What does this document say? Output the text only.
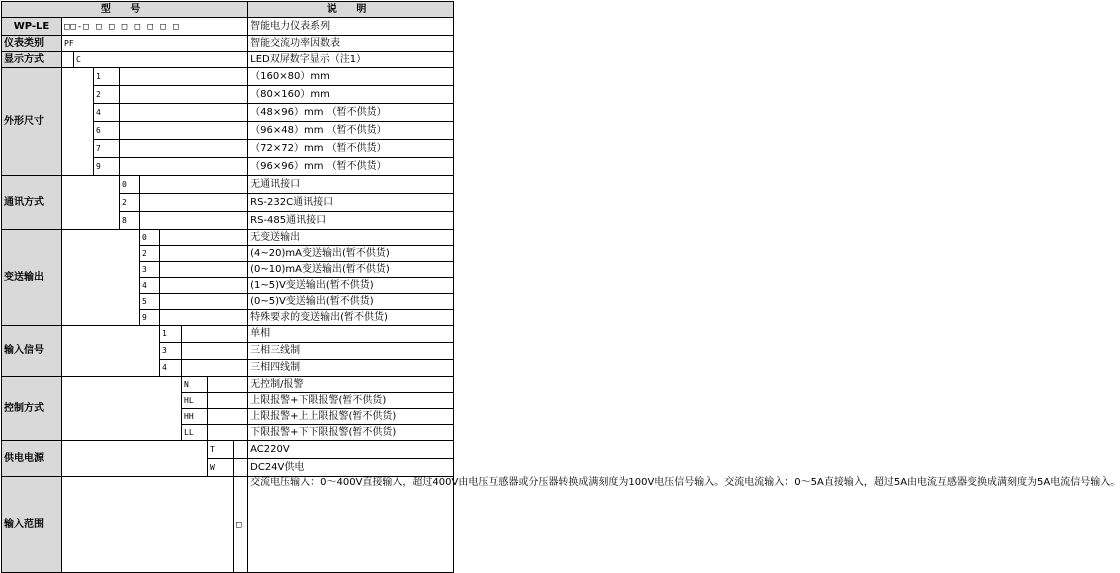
型 号										说 明
WP-LE	□□-□ □ □ □ □ □ □ □									智能电力仪表系列
仪表类别	PF									智能交流功率因数表
显示方式		C								LED双屏数字显示（注1）
外形尺寸			1							（160×80）mm
			2							（80×160）mm
			4							（48×96）mm （暂不供货）
			6							（96×48）mm （暂不供货）
			7							（72×72）mm （暂不供货）
			9							（96×96）mm （暂不供货）
通讯方式				0						无通讯接口
				2						RS-232C通讯接口
				8						RS-485通讯接口
变送输出					0					无变送输出
					2					(4~20)mA变送输出(暂不供货)
					3					(0~10)mA变送输出(暂不供货)
					4					(1~5)V变送输出(暂不供货)
					5					(0~5)V变送输出(暂不供货)
					9					特殊要求的变送输出(暂不供货)
输入信号						1				单相
						3				三相三线制
						4				三相四线制
控制方式							N			无控制/报警
							HL			上限报警+下限报警(暂不供货)
							HH			上限报警+上上限报警(暂不供货)
							LL			下限报警+下下限报警(暂不供货)
供电电源								T		AC220V
								W		DC24V供电
输入范围									□	交流电压输入：0～400V直接输入，超过400V由电压互感器或分压器转换成满刻度为100V电压信号输入。交流电流输入：0～5A直接输入，超过5A由电流互感器变换成满刻度为5A电流信号输入。
